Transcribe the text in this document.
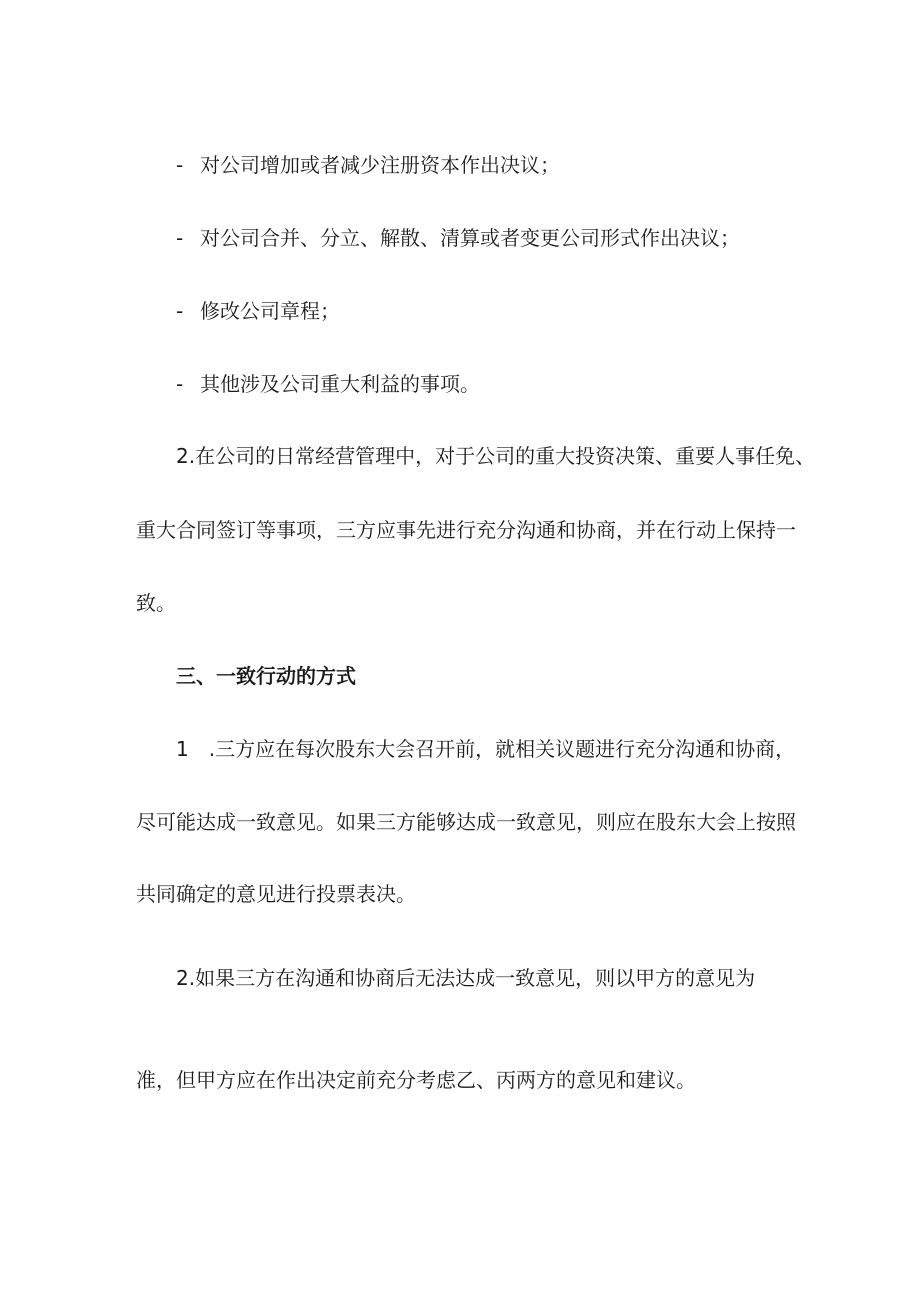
- 对公司增加或者减少注册资本作出决议；
- 对公司合并、分立、解散、清算或者变更公司形式作出决议；
- 修改公司章程；
- 其他涉及公司重大利益的事项。
2.在公司的日常经营管理中，对于公司的重大投资决策、重要人事任免、
重大合同签订等事项，三方应事先进行充分沟通和协商，并在行动上保持一
致。
三、一致行动的方式
1　.三方应在每次股东大会召开前，就相关议题进行充分沟通和协商，
尽可能达成一致意见。如果三方能够达成一致意见，则应在股东大会上按照
共同确定的意见进行投票表决。
2.如果三方在沟通和协商后无法达成一致意见，则以甲方的意见为
准，但甲方应在作出决定前充分考虑乙、丙两方的意见和建议。
